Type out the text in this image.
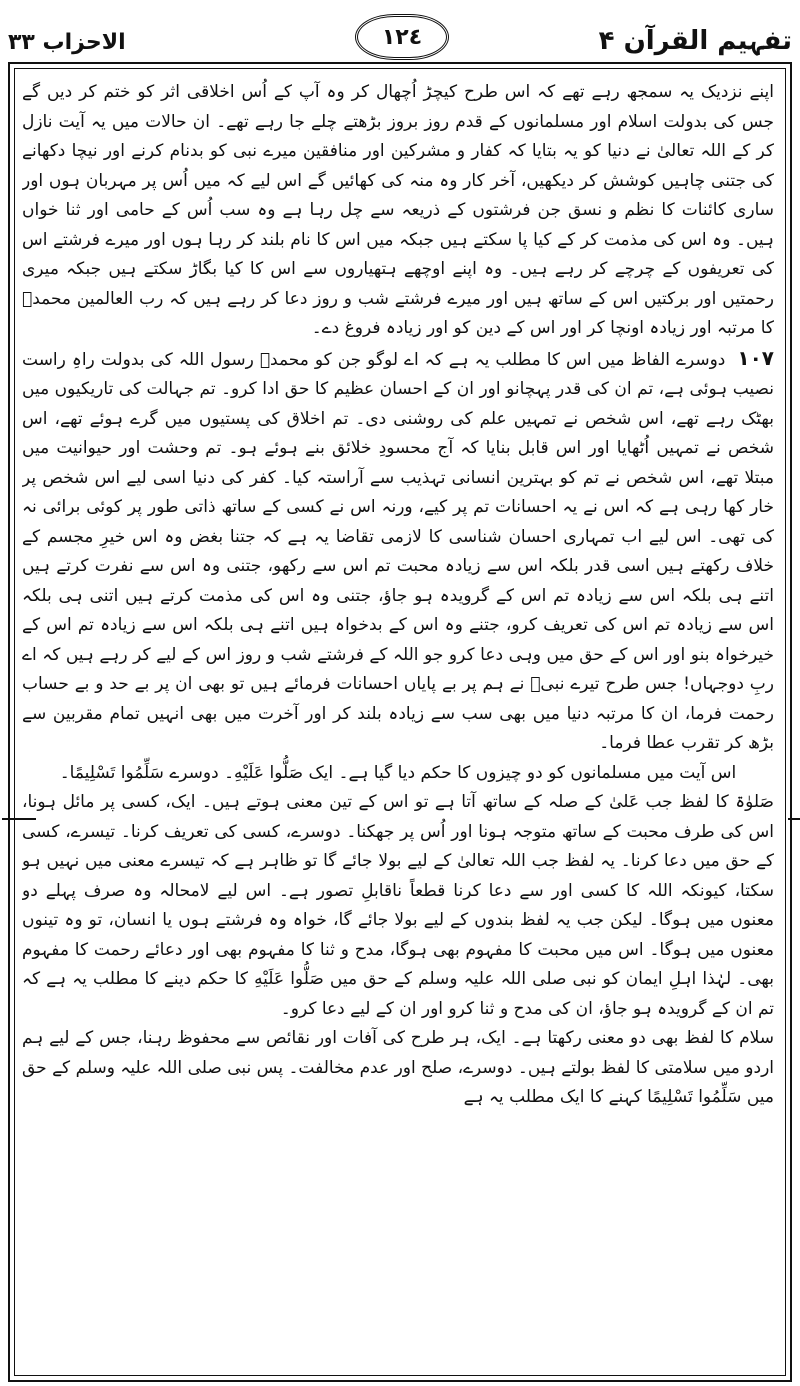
الاحزاب ٣٣	١٢٤	تفہیم القرآن ۴

اپنے نزدیک یہ سمجھ رہے تھے کہ اس طرح کیچڑ اُچھال کر وہ آپ کے اُس اخلاقی اثر کو ختم کر دیں گے جس کی بدولت اسلام اور مسلمانوں کے قدم روز بروز بڑھتے چلے جا رہے تھے۔ ان حالات میں یہ آیت نازل کر کے اللہ تعالیٰ نے دنیا کو یہ بتایا کہ کفار و مشرکین اور منافقین میرے نبی کو بدنام کرنے اور نیچا دکھانے کی جتنی چاہیں کوشش کر دیکھیں، آخر کار وہ منہ کی کھائیں گے اس لیے کہ میں اُس پر مہربان ہوں اور ساری کائنات کا نظم و نسق جن فرشتوں کے ذریعہ سے چل رہا ہے وہ سب اُس کے حامی اور ثنا خواں ہیں۔ وہ اس کی مذمت کر کے کیا پا سکتے ہیں جبکہ میں اس کا نام بلند کر رہا ہوں اور میرے فرشتے اس کی تعریفوں کے چرچے کر رہے ہیں۔ وہ اپنے اوچھے ہتھیاروں سے اس کا کیا بگاڑ سکتے ہیں جبکہ میری رحمتیں اور برکتیں اس کے ساتھ ہیں اور میرے فرشتے شب و روز دعا کر رہے ہیں کہ رب العالمین محمدؐ کا مرتبہ اور زیادہ اونچا کر اور اس کے دین کو اور زیادہ فروغ دے۔

١٠٧ دوسرے الفاظ میں اس کا مطلب یہ ہے کہ اے لوگو جن کو محمدؐ رسول اللہ کی بدولت راہِ راست نصیب ہوئی ہے، تم ان کی قدر پہچانو اور ان کے احسان عظیم کا حق ادا کرو۔ تم جہالت کی تاریکیوں میں بھٹک رہے تھے، اس شخص نے تمہیں علم کی روشنی دی۔ تم اخلاق کی پستیوں میں گرے ہوئے تھے، اس شخص نے تمہیں اُٹھایا اور اس قابل بنایا کہ آج محسودِ خلائق بنے ہوئے ہو۔ تم وحشت اور حیوانیت میں مبتلا تھے، اس شخص نے تم کو بہترین انسانی تہذیب سے آراستہ کیا۔ کفر کی دنیا اسی لیے اس شخص پر خار کھا رہی ہے کہ اس نے یہ احسانات تم پر کیے، ورنہ اس نے کسی کے ساتھ ذاتی طور پر کوئی برائی نہ کی تھی۔ اس لیے اب تمہاری احسان شناسی کا لازمی تقاضا یہ ہے کہ جتنا بغض وہ اس خیرِ مجسم کے خلاف رکھتے ہیں اسی قدر بلکہ اس سے زیادہ محبت تم اس سے رکھو، جتنی وہ اس سے نفرت کرتے ہیں اتنے ہی بلکہ اس سے زیادہ تم اس کے گرویدہ ہو جاؤ، جتنی وہ اس کی مذمت کرتے ہیں اتنی ہی بلکہ اس سے زیادہ تم اس کی تعریف کرو، جتنے وہ اس کے بدخواہ ہیں اتنے ہی بلکہ اس سے زیادہ تم اس کے خیرخواہ بنو اور اس کے حق میں وہی دعا کرو جو اللہ کے فرشتے شب و روز اس کے لیے کر رہے ہیں کہ اے ربِ دوجہاں! جس طرح تیرے نبیؐ نے ہم پر بے پایاں احسانات فرمائے ہیں تو بھی ان پر بے حد و بے حساب رحمت فرما، ان کا مرتبہ دنیا میں بھی سب سے زیادہ بلند کر اور آخرت میں بھی انہیں تمام مقربین سے بڑھ کر تقرب عطا فرما۔

اس آیت میں مسلمانوں کو دو چیزوں کا حکم دیا گیا ہے۔ ایک صَلُّوا عَلَيْهِ۔ دوسرے سَلِّمُوا تَسْلِيمًا۔

صَلوٰۃ کا لفظ جب عَلیٰ کے صلہ کے ساتھ آتا ہے تو اس کے تین معنی ہوتے ہیں۔ ایک، کسی پر مائل ہونا، اس کی طرف محبت کے ساتھ متوجہ ہونا اور اُس پر جھکنا۔ دوسرے، کسی کی تعریف کرنا۔ تیسرے، کسی کے حق میں دعا کرنا۔ یہ لفظ جب اللہ تعالیٰ کے لیے بولا جائے گا تو ظاہر ہے کہ تیسرے معنی میں نہیں ہو سکتا، کیونکہ اللہ کا کسی اور سے دعا کرنا قطعاً ناقابلِ تصور ہے۔ اس لیے لامحالہ وہ صرف پہلے دو معنوں میں ہوگا۔ لیکن جب یہ لفظ بندوں کے لیے بولا جائے گا، خواہ وہ فرشتے ہوں یا انسان، تو وہ تینوں معنوں میں ہوگا۔ اس میں محبت کا مفہوم بھی ہوگا، مدح و ثنا کا مفہوم بھی اور دعائے رحمت کا مفہوم بھی۔ لہٰذا اہلِ ایمان کو نبی صلی اللہ علیہ وسلم کے حق میں صَلُّوا عَلَيْهِ کا حکم دینے کا مطلب یہ ہے کہ تم ان کے گرویدہ ہو جاؤ، ان کی مدح و ثنا کرو اور ان کے لیے دعا کرو۔

سلام کا لفظ بھی دو معنی رکھتا ہے۔ ایک، ہر طرح کی آفات اور نقائص سے محفوظ رہنا، جس کے لیے ہم اردو میں سلامتی کا لفظ بولتے ہیں۔ دوسرے، صلح اور عدم مخالفت۔ پس نبی صلی اللہ علیہ وسلم کے حق میں سَلِّمُوا تَسْلِيمًا کہنے کا ایک مطلب یہ ہے
